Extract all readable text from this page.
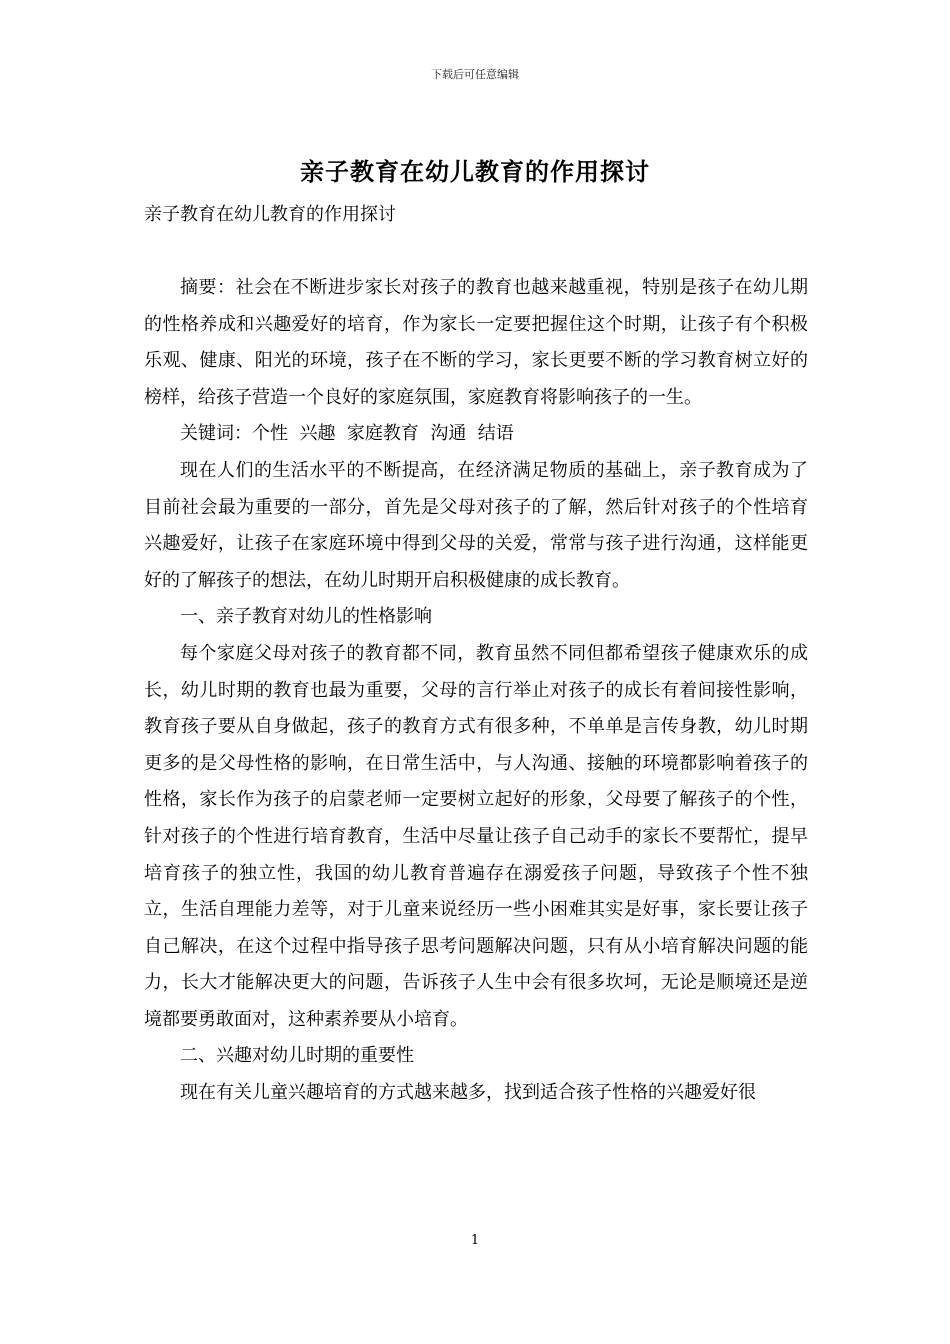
下载后可任意编辑
亲子教育在幼儿教育的作用探讨
亲子教育在幼儿教育的作用探讨

摘要：社会在不断进步家长对孩子的教育也越来越重视，特别是孩子在幼儿期的性格养成和兴趣爱好的培育，作为家长一定要把握住这个时期，让孩子有个积极乐观、健康、阳光的环境，孩子在不断的学习，家长更要不断的学习教育树立好的榜样，给孩子营造一个良好的家庭氛围，家庭教育将影响孩子的一生。

关键词：个性  兴趣  家庭教育  沟通  结语

现在人们的生活水平的不断提高，在经济满足物质的基础上，亲子教育成为了目前社会最为重要的一部分，首先是父母对孩子的了解，然后针对孩子的个性培育兴趣爱好，让孩子在家庭环境中得到父母的关爱，常常与孩子进行沟通，这样能更好的了解孩子的想法，在幼儿时期开启积极健康的成长教育。

一、亲子教育对幼儿的性格影响

每个家庭父母对孩子的教育都不同，教育虽然不同但都希望孩子健康欢乐的成长，幼儿时期的教育也最为重要，父母的言行举止对孩子的成长有着间接性影响，教育孩子要从自身做起，孩子的教育方式有很多种，不单单是言传身教，幼儿时期更多的是父母性格的影响，在日常生活中，与人沟通、接触的环境都影响着孩子的性格，家长作为孩子的启蒙老师一定要树立起好的形象，父母要了解孩子的个性，针对孩子的个性进行培育教育，生活中尽量让孩子自己动手的家长不要帮忙，提早培育孩子的独立性，我国的幼儿教育普遍存在溺爱孩子问题，导致孩子个性不独立，生活自理能力差等，对于儿童来说经历一些小困难其实是好事，家长要让孩子自己解决，在这个过程中指导孩子思考问题解决问题，只有从小培育解决问题的能力，长大才能解决更大的问题，告诉孩子人生中会有很多坎坷，无论是顺境还是逆境都要勇敢面对，这种素养要从小培育。

二、兴趣对幼儿时期的重要性

现在有关儿童兴趣培育的方式越来越多，找到适合孩子性格的兴趣爱好很

1
